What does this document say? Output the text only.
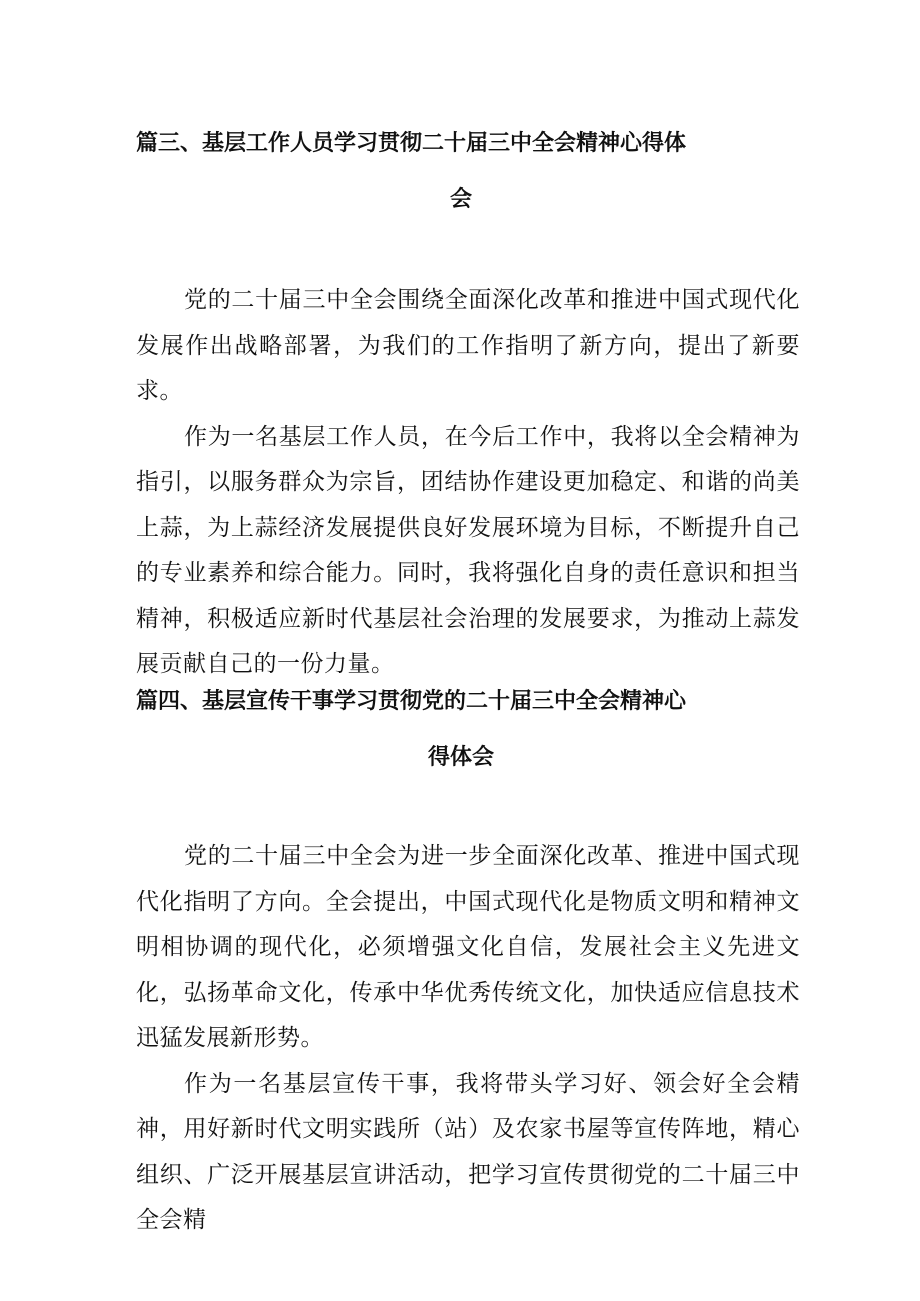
篇三、基层工作人员学习贯彻二十届三中全会精神心得体
会

党的二十届三中全会围绕全面深化改革和推进中国式现代化发展作出战略部署，为我们的工作指明了新方向，提出了新要求。

作为一名基层工作人员，在今后工作中，我将以全会精神为指引，以服务群众为宗旨，团结协作建设更加稳定、和谐的尚美上蒜，为上蒜经济发展提供良好发展环境为目标，不断提升自己的专业素养和综合能力。同时，我将强化自身的责任意识和担当精神，积极适应新时代基层社会治理的发展要求，为推动上蒜发展贡献自己的一份力量。

篇四、基层宣传干事学习贯彻党的二十届三中全会精神心
得体会

党的二十届三中全会为进一步全面深化改革、推进中国式现代化指明了方向。全会提出，中国式现代化是物质文明和精神文明相协调的现代化，必须增强文化自信，发展社会主义先进文化，弘扬革命文化，传承中华优秀传统文化，加快适应信息技术迅猛发展新形势。

作为一名基层宣传干事，我将带头学习好、领会好全会精神，用好新时代文明实践所（站）及农家书屋等宣传阵地，精心组织、广泛开展基层宣讲活动，把学习宣传贯彻党的二十届三中全会精
